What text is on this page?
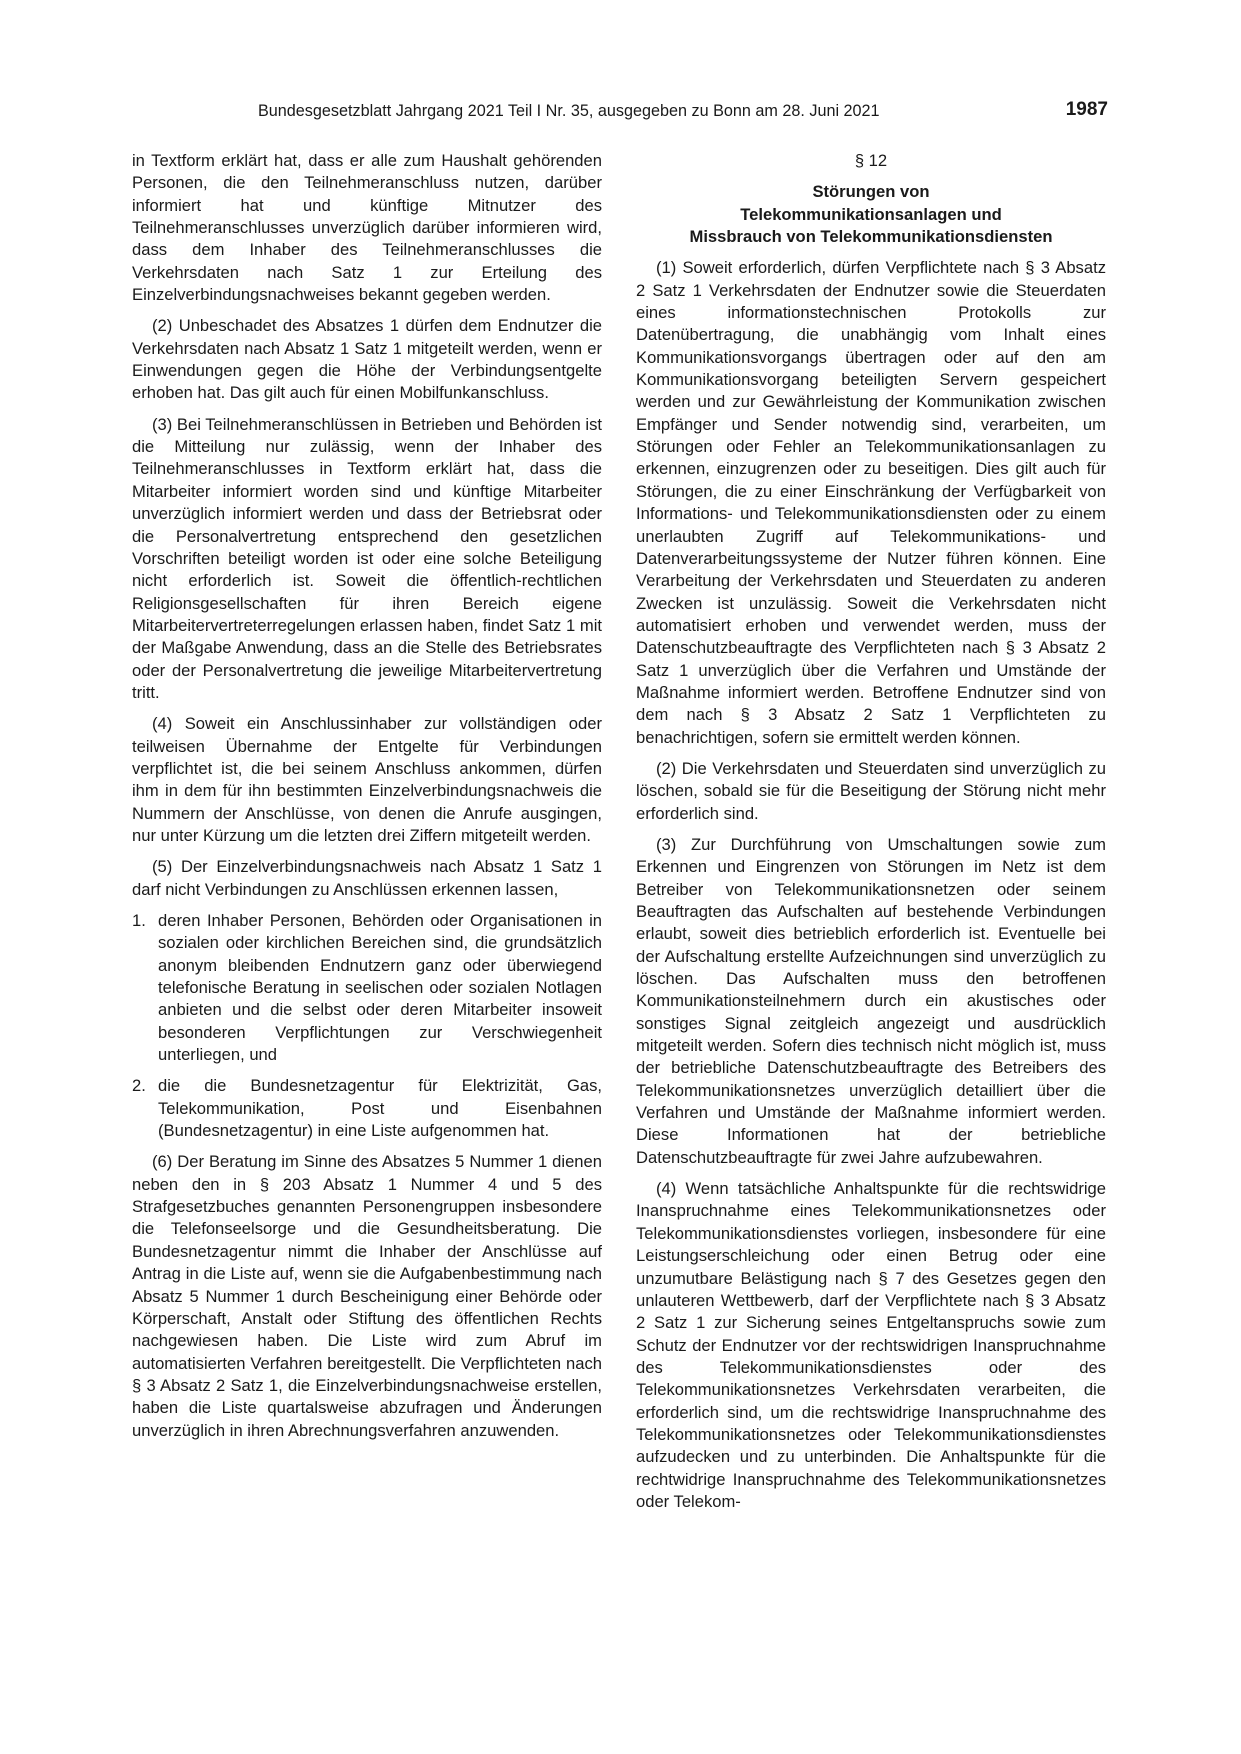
Bundesgesetzblatt Jahrgang 2021 Teil I Nr. 35, ausgegeben zu Bonn am 28. Juni 2021	1987

in Textform erklärt hat, dass er alle zum Haushalt gehörenden Personen, die den Teilnehmeranschluss nutzen, darüber informiert hat und künftige Mitnutzer des Teilnehmeranschlusses unverzüglich darüber informieren wird, dass dem Inhaber des Teilnehmeranschlusses die Verkehrsdaten nach Satz 1 zur Erteilung des Einzelverbindungsnachweises bekannt gegeben werden.

(2) Unbeschadet des Absatzes 1 dürfen dem Endnutzer die Verkehrsdaten nach Absatz 1 Satz 1 mitgeteilt werden, wenn er Einwendungen gegen die Höhe der Verbindungsentgelte erhoben hat. Das gilt auch für einen Mobilfunkanschluss.

(3) Bei Teilnehmeranschlüssen in Betrieben und Behörden ist die Mitteilung nur zulässig, wenn der Inhaber des Teilnehmeranschlusses in Textform erklärt hat, dass die Mitarbeiter informiert worden sind und künftige Mitarbeiter unverzüglich informiert werden und dass der Betriebsrat oder die Personalvertretung entsprechend den gesetzlichen Vorschriften beteiligt worden ist oder eine solche Beteiligung nicht erforderlich ist. Soweit die öffentlich-rechtlichen Religionsgesellschaften für ihren Bereich eigene Mitarbeitervertreterregelungen erlassen haben, findet Satz 1 mit der Maßgabe Anwendung, dass an die Stelle des Betriebsrates oder der Personalvertretung die jeweilige Mitarbeitervertretung tritt.

(4) Soweit ein Anschlussinhaber zur vollständigen oder teilweisen Übernahme der Entgelte für Verbindungen verpflichtet ist, die bei seinem Anschluss ankommen, dürfen ihm in dem für ihn bestimmten Einzelverbindungsnachweis die Nummern der Anschlüsse, von denen die Anrufe ausgingen, nur unter Kürzung um die letzten drei Ziffern mitgeteilt werden.

(5) Der Einzelverbindungsnachweis nach Absatz 1 Satz 1 darf nicht Verbindungen zu Anschlüssen erkennen lassen,

1. deren Inhaber Personen, Behörden oder Organisationen in sozialen oder kirchlichen Bereichen sind, die grundsätzlich anonym bleibenden Endnutzern ganz oder überwiegend telefonische Beratung in seelischen oder sozialen Notlagen anbieten und die selbst oder deren Mitarbeiter insoweit besonderen Verpflichtungen zur Verschwiegenheit unterliegen, und
2. die die Bundesnetzagentur für Elektrizität, Gas, Telekommunikation, Post und Eisenbahnen (Bundesnetzagentur) in eine Liste aufgenommen hat.

(6) Der Beratung im Sinne des Absatzes 5 Nummer 1 dienen neben den in § 203 Absatz 1 Nummer 4 und 5 des Strafgesetzbuches genannten Personengruppen insbesondere die Telefonseelsorge und die Gesundheitsberatung. Die Bundesnetzagentur nimmt die Inhaber der Anschlüsse auf Antrag in die Liste auf, wenn sie die Aufgabenbestimmung nach Absatz 5 Nummer 1 durch Bescheinigung einer Behörde oder Körperschaft, Anstalt oder Stiftung des öffentlichen Rechts nachgewiesen haben. Die Liste wird zum Abruf im automatisierten Verfahren bereitgestellt. Die Verpflichteten nach § 3 Absatz 2 Satz 1, die Einzelverbindungsnachweise erstellen, haben die Liste quartalsweise abzufragen und Änderungen unverzüglich in ihren Abrechnungsverfahren anzuwenden.

§ 12
Störungen von
Telekommunikationsanlagen und
Missbrauch von Telekommunikationsdiensten

(1) Soweit erforderlich, dürfen Verpflichtete nach § 3 Absatz 2 Satz 1 Verkehrsdaten der Endnutzer sowie die Steuerdaten eines informationstechnischen Protokolls zur Datenübertragung, die unabhängig vom Inhalt eines Kommunikationsvorgangs übertragen oder auf den am Kommunikationsvorgang beteiligten Servern gespeichert werden und zur Gewährleistung der Kommunikation zwischen Empfänger und Sender notwendig sind, verarbeiten, um Störungen oder Fehler an Telekommunikationsanlagen zu erkennen, einzugrenzen oder zu beseitigen. Dies gilt auch für Störungen, die zu einer Einschränkung der Verfügbarkeit von Informations- und Telekommunikationsdiensten oder zu einem unerlaubten Zugriff auf Telekommunikations- und Datenverarbeitungssysteme der Nutzer führen können. Eine Verarbeitung der Verkehrsdaten und Steuerdaten zu anderen Zwecken ist unzulässig. Soweit die Verkehrsdaten nicht automatisiert erhoben und verwendet werden, muss der Datenschutzbeauftragte des Verpflichteten nach § 3 Absatz 2 Satz 1 unverzüglich über die Verfahren und Umstände der Maßnahme informiert werden. Betroffene Endnutzer sind von dem nach § 3 Absatz 2 Satz 1 Verpflichteten zu benachrichtigen, sofern sie ermittelt werden können.

(2) Die Verkehrsdaten und Steuerdaten sind unverzüglich zu löschen, sobald sie für die Beseitigung der Störung nicht mehr erforderlich sind.

(3) Zur Durchführung von Umschaltungen sowie zum Erkennen und Eingrenzen von Störungen im Netz ist dem Betreiber von Telekommunikationsnetzen oder seinem Beauftragten das Aufschalten auf bestehende Verbindungen erlaubt, soweit dies betrieblich erforderlich ist. Eventuelle bei der Aufschaltung erstellte Aufzeichnungen sind unverzüglich zu löschen. Das Aufschalten muss den betroffenen Kommunikationsteilnehmern durch ein akustisches oder sonstiges Signal zeitgleich angezeigt und ausdrücklich mitgeteilt werden. Sofern dies technisch nicht möglich ist, muss der betriebliche Datenschutzbeauftragte des Betreibers des Telekommunikationsnetzes unverzüglich detailliert über die Verfahren und Umstände der Maßnahme informiert werden. Diese Informationen hat der betriebliche Datenschutzbeauftragte für zwei Jahre aufzubewahren.

(4) Wenn tatsächliche Anhaltspunkte für die rechtswidrige Inanspruchnahme eines Telekommunikationsnetzes oder Telekommunikationsdienstes vorliegen, insbesondere für eine Leistungserschleichung oder einen Betrug oder eine unzumutbare Belästigung nach § 7 des Gesetzes gegen den unlauteren Wettbewerb, darf der Verpflichtete nach § 3 Absatz 2 Satz 1 zur Sicherung seines Entgeltanspruchs sowie zum Schutz der Endnutzer vor der rechtswidrigen Inanspruchnahme des Telekommunikationsdienstes oder des Telekommunikationsnetzes Verkehrsdaten verarbeiten, die erforderlich sind, um die rechtswidrige Inanspruchnahme des Telekommunikationsnetzes oder Telekommunikationsdienstes aufzudecken und zu unterbinden. Die Anhaltspunkte für die rechtwidrige Inanspruchnahme des Telekommunikationsnetzes oder Telekom-
